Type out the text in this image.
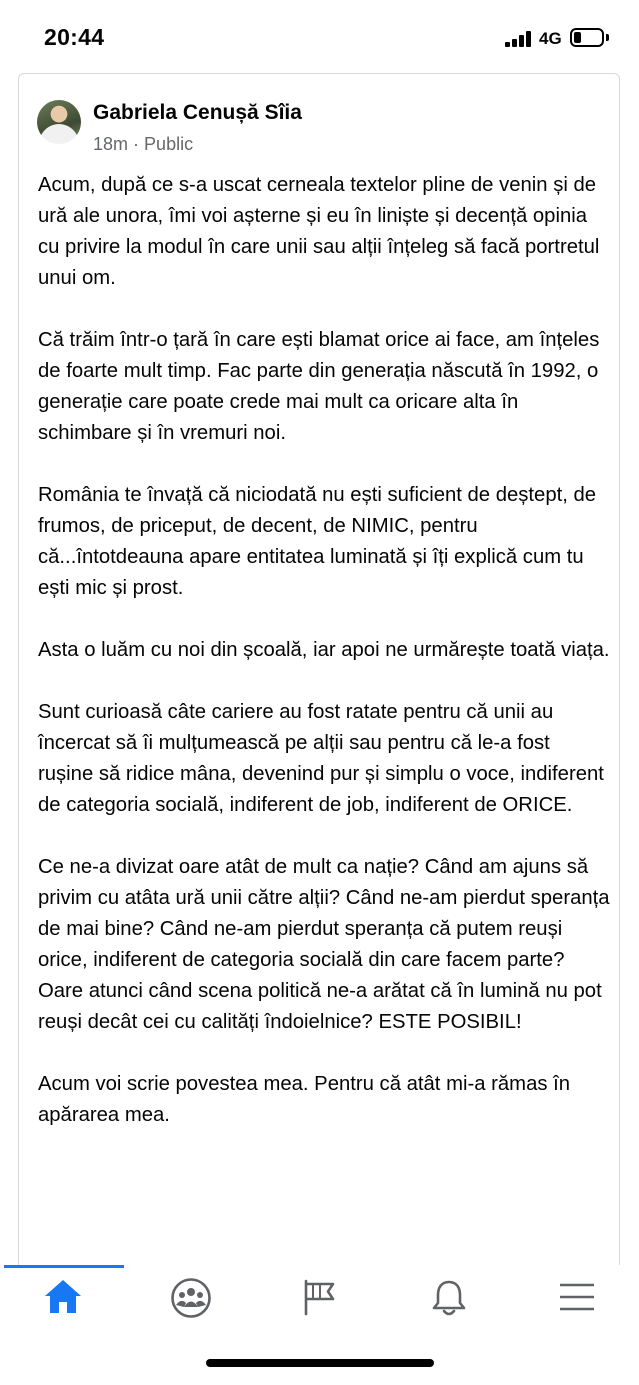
20:44	4G
Gabriela Cenușă Sîia
18m · Public

Acum, după ce s-a uscat cerneala textelor pline de venin și de ură ale unora, îmi voi așterne și eu în liniște și decență opinia cu privire la modul în care unii sau alții înțeleg să facă portretul unui om.

Că trăim într-o țară în care ești blamat orice ai face, am înțeles de foarte mult timp. Fac parte din generația născută în 1992, o generație care poate crede mai mult ca oricare alta în schimbare și în vremuri noi.

România te învață că niciodată nu ești suficient de deștept, de frumos, de priceput, de decent, de NIMIC, pentru că...întotdeauna apare entitatea luminată și îți explică cum tu ești mic și prost.

Asta o luăm cu noi din școală, iar apoi ne urmărește toată viața.

Sunt curioasă câte cariere au fost ratate pentru că unii au încercat să îi mulțumească pe alții sau pentru că le-a fost rușine să ridice mâna, devenind pur și simplu o voce, indiferent de categoria socială, indiferent de job, indiferent de ORICE.

Ce ne-a divizat oare atât de mult ca nație? Când am ajuns să privim cu atâta ură unii către alții? Când ne-am pierdut speranța de mai bine? Când ne-am pierdut speranța că putem reuși orice, indiferent de categoria socială din care facem parte?
Oare atunci când scena politică ne-a arătat că în lumină nu pot reuși decât cei cu calități îndoielnice? ESTE POSIBIL!

Acum voi scrie povestea mea. Pentru că atât mi-a rămas în apărarea mea.
